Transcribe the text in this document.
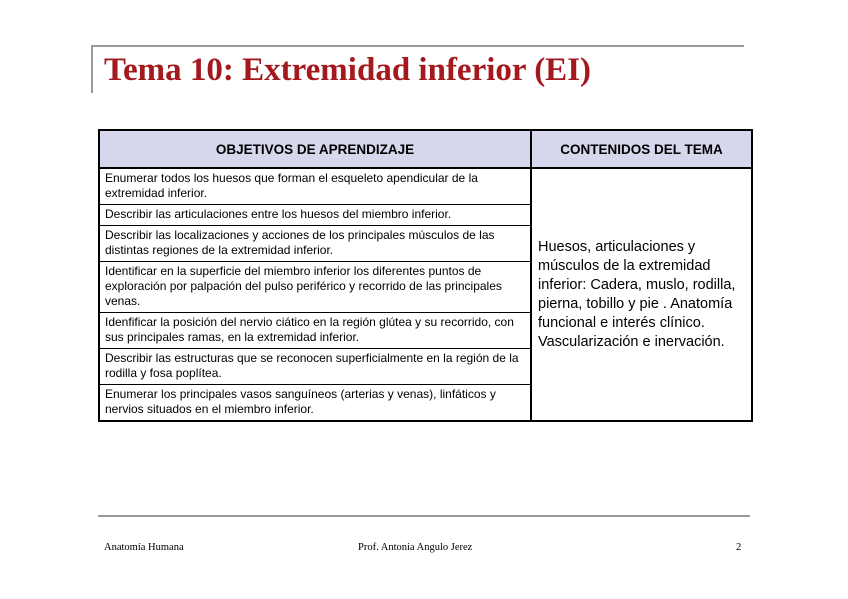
Tema 10: Extremidad inferior (EI)
OBJETIVOS DE APRENDIZAJE	CONTENIDOS DEL TEMA
Enumerar todos los huesos que forman el esqueleto apendicular de la extremidad inferior.	Huesos, articulaciones y músculos de la extremidad inferior: Cadera, muslo, rodilla, pierna, tobillo y pie . Anatomía funcional e interés clínico. Vascularización e inervación.
Describir las articulaciones entre los huesos del miembro inferior.	
Describir las localizaciones y acciones de los principales músculos de las distintas regiones de la extremidad inferior.	
Identificar en la superficie del miembro inferior los diferentes puntos de exploración por palpación del pulso periférico y recorrido de las principales venas.	
Idenfificar la posición del nervio ciático en la región glútea y su recorrido, con sus principales ramas, en la extremidad inferior.	
Describir las estructuras que se reconocen superficialmente en la región de la rodilla y fosa poplítea.	
Enumerar los principales vasos sanguíneos (arterias y venas), linfáticos y nervios situados en el miembro inferior.	
Anatomía Humana	Prof. Antonia Angulo Jerez	2
